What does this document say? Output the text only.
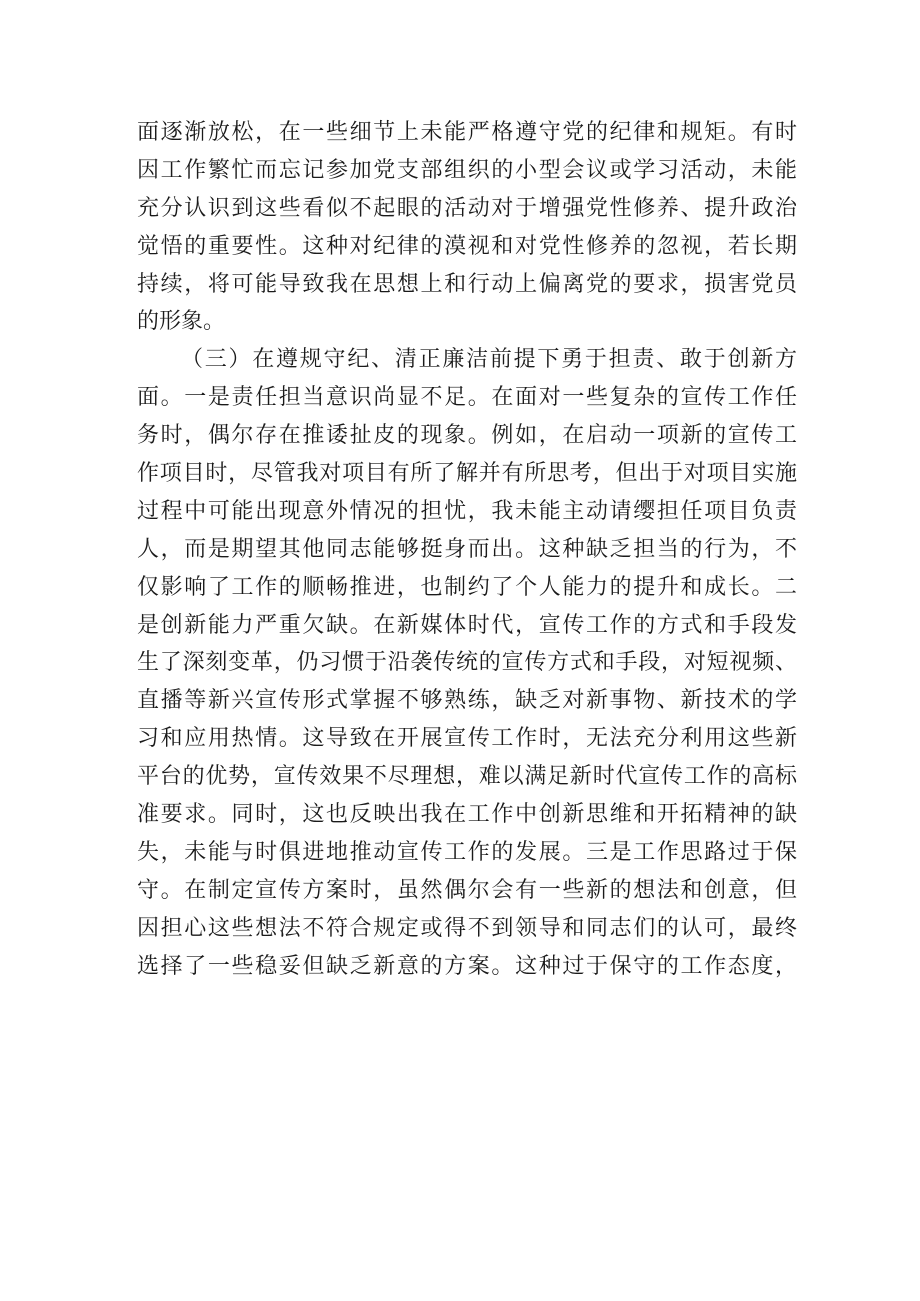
面逐渐放松，在一些细节上未能严格遵守党的纪律和规矩。有时
因工作繁忙而忘记参加党支部组织的小型会议或学习活动，未能
充分认识到这些看似不起眼的活动对于增强党性修养、提升政治
觉悟的重要性。这种对纪律的漠视和对党性修养的忽视，若长期
持续，将可能导致我在思想上和行动上偏离党的要求，损害党员
的形象。
（三）在遵规守纪、清正廉洁前提下勇于担责、敢于创新方
面。一是责任担当意识尚显不足。在面对一些复杂的宣传工作任
务时，偶尔存在推诿扯皮的现象。例如，在启动一项新的宣传工
作项目时，尽管我对项目有所了解并有所思考，但出于对项目实施
过程中可能出现意外情况的担忧，我未能主动请缨担任项目负责
人，而是期望其他同志能够挺身而出。这种缺乏担当的行为，不
仅影响了工作的顺畅推进，也制约了个人能力的提升和成长。二
是创新能力严重欠缺。在新媒体时代，宣传工作的方式和手段发
生了深刻变革，仍习惯于沿袭传统的宣传方式和手段，对短视频、
直播等新兴宣传形式掌握不够熟练，缺乏对新事物、新技术的学
习和应用热情。这导致在开展宣传工作时，无法充分利用这些新
平台的优势，宣传效果不尽理想，难以满足新时代宣传工作的高标
准要求。同时，这也反映出我在工作中创新思维和开拓精神的缺
失，未能与时俱进地推动宣传工作的发展。三是工作思路过于保
守。在制定宣传方案时，虽然偶尔会有一些新的想法和创意，但
因担心这些想法不符合规定或得不到领导和同志们的认可，最终
选择了一些稳妥但缺乏新意的方案。这种过于保守的工作态度，
